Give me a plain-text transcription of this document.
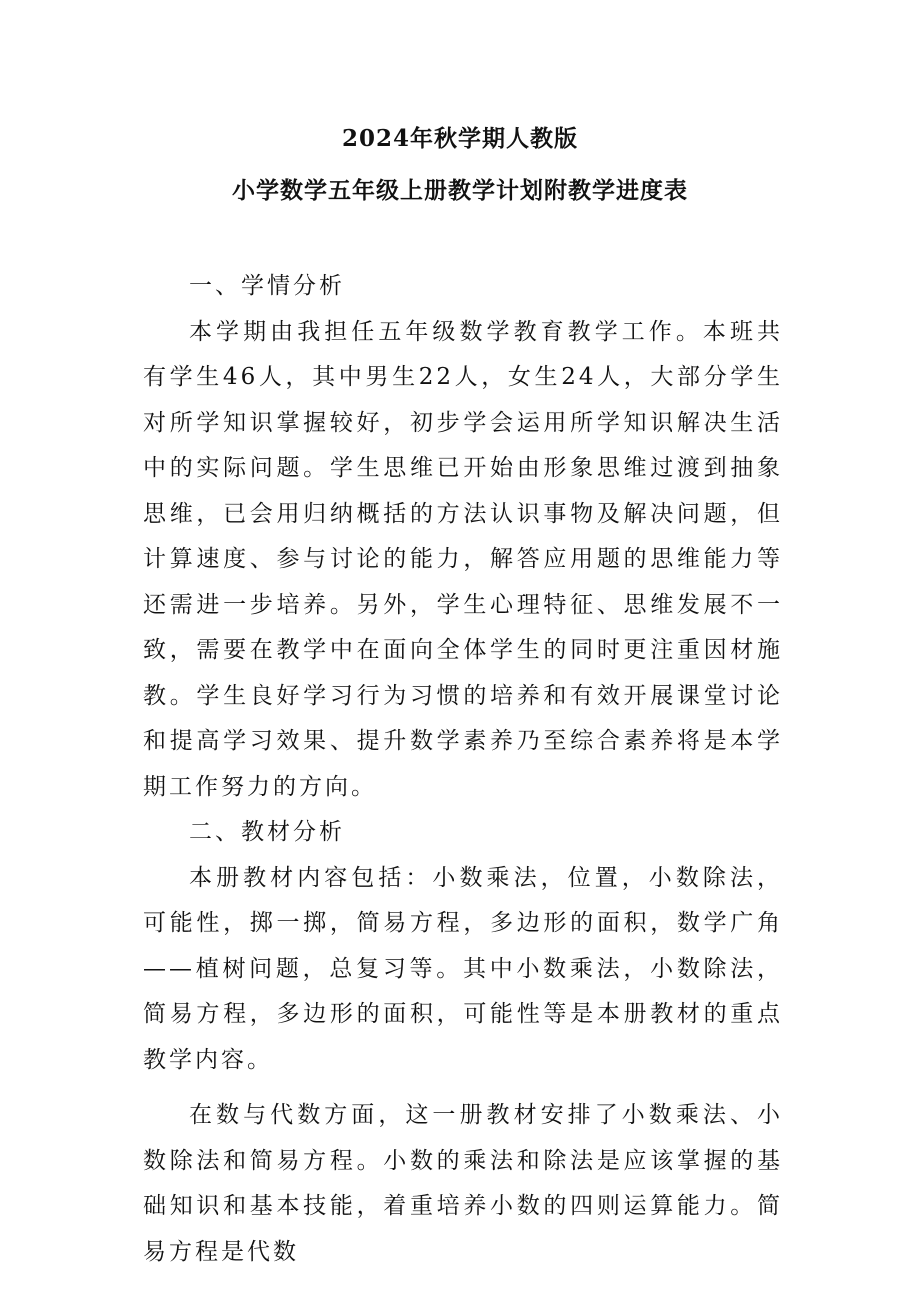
2024年秋学期人教版
小学数学五年级上册教学计划附教学进度表

一、学情分析

本学期由我担任五年级数学教育教学工作。本班共有学生46人，其中男生22人，女生24人，大部分学生对所学知识掌握较好，初步学会运用所学知识解决生活中的实际问题。学生思维已开始由形象思维过渡到抽象思维，已会用归纳概括的方法认识事物及解决问题，但计算速度、参与讨论的能力，解答应用题的思维能力等还需进一步培养。另外，学生心理特征、思维发展不一致，需要在教学中在面向全体学生的同时更注重因材施教。学生良好学习行为习惯的培养和有效开展课堂讨论和提高学习效果、提升数学素养乃至综合素养将是本学期工作努力的方向。

二、教材分析

本册教材内容包括：小数乘法，位置，小数除法，可能性，掷一掷，简易方程，多边形的面积，数学广角——植树问题，总复习等。其中小数乘法，小数除法，简易方程，多边形的面积，可能性等是本册教材的重点教学内容。

在数与代数方面，这一册教材安排了小数乘法、小数除法和简易方程。小数的乘法和除法是应该掌握的基础知识和基本技能，着重培养小数的四则运算能力。简易方程是代数
